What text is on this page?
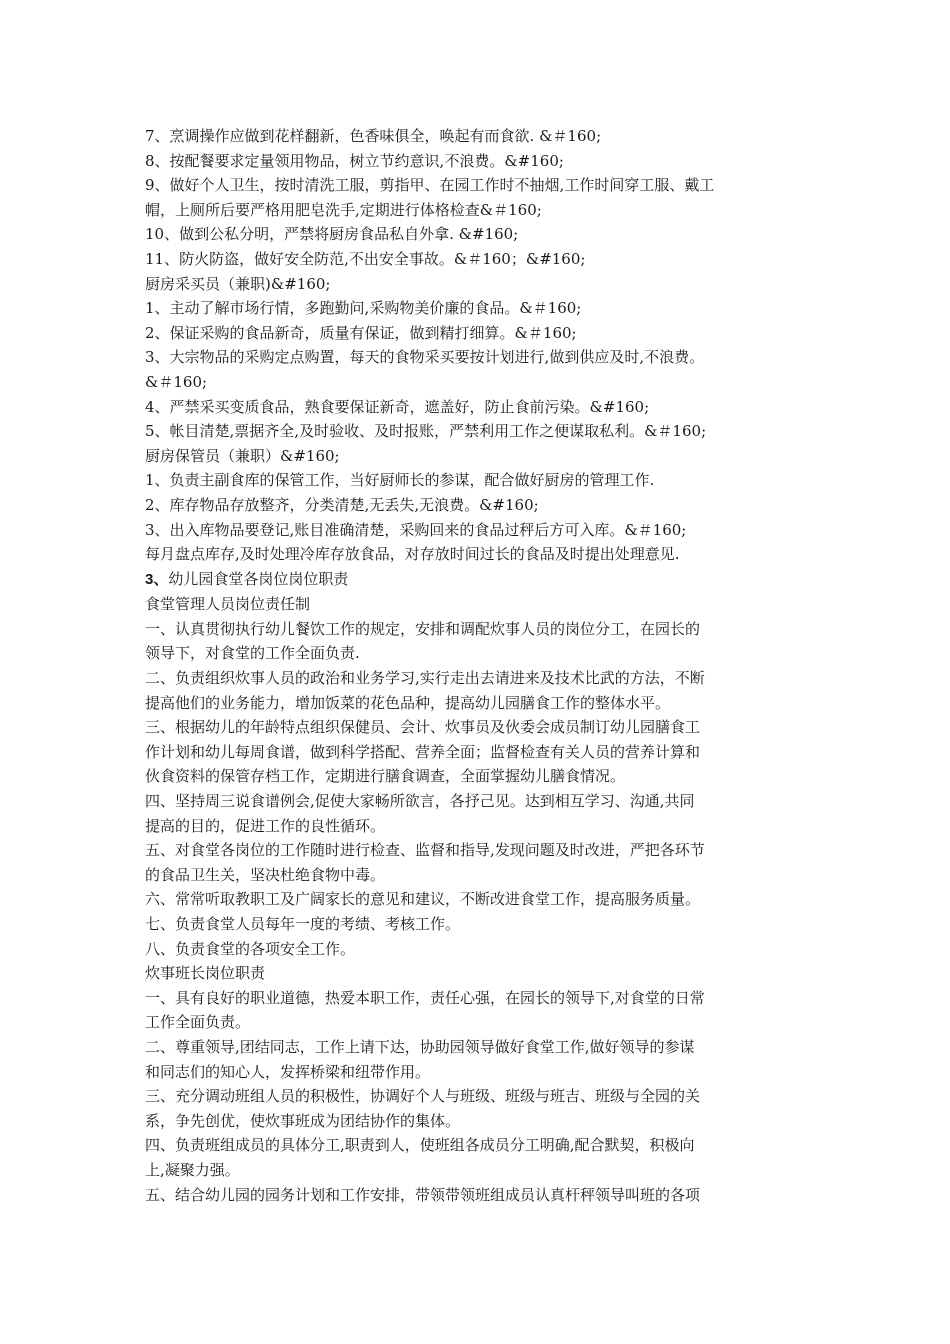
7、烹调操作应做到花样翻新，色香味俱全，唤起有而食欲. &＃160;
8、按配餐要求定量领用物品，树立节约意识,不浪费。&#160;
9、做好个人卫生，按时清洗工服，剪指甲、在园工作时不抽烟,工作时间穿工服、戴工
帽，上厕所后要严格用肥皂洗手,定期进行体格检查&＃160;
10、做到公私分明，严禁将厨房食品私自外拿. &#160;
11、防火防盗，做好安全防范,不出安全事故。&＃160；&#160;
厨房采买员（兼职)&#160;
1、主动了解市场行情，多跑勤问,采购物美价廉的食品。&＃160;
2、保证采购的食品新奇，质量有保证，做到精打细算。&＃160;
3、大宗物品的采购定点购置，每天的食物采买要按计划进行,做到供应及时,不浪费。
&＃160;
4、严禁采买变质食品，熟食要保证新奇，遮盖好，防止食前污染。&#160;
5、帐目清楚,票据齐全,及时验收、及时报账，严禁利用工作之便谋取私利。&＃160;
厨房保管员（兼职）&#160;
1、负责主副食库的保管工作，当好厨师长的参谋，配合做好厨房的管理工作.
2、库存物品存放整齐，分类清楚,无丢失,无浪费。&#160;
3、出入库物品要登记,账目准确清楚，采购回来的食品过秤后方可入库。&＃160;
每月盘点库存,及时处理冷库存放食品，对存放时间过长的食品及时提出处理意见.
3、幼儿园食堂各岗位岗位职责
食堂管理人员岗位责任制
一、认真贯彻执行幼儿餐饮工作的规定，安排和调配炊事人员的岗位分工，在园长的
领导下，对食堂的工作全面负责.
二、负责组织炊事人员的政治和业务学习,实行走出去请进来及技术比武的方法，不断
提高他们的业务能力，增加饭菜的花色品种，提高幼儿园膳食工作的整体水平。
三、根据幼儿的年龄特点组织保健员、会计、炊事员及伙委会成员制订幼儿园膳食工
作计划和幼儿每周食谱，做到科学搭配、营养全面；监督检查有关人员的营养计算和
伙食资料的保管存档工作，定期进行膳食调查，全面掌握幼儿膳食情况。
四、坚持周三说食谱例会,促使大家畅所欲言，各抒己见。达到相互学习、沟通,共同
提高的目的，促进工作的良性循环。
五、对食堂各岗位的工作随时进行检查、监督和指导,发现问题及时改进，严把各环节
的食品卫生关，坚决杜绝食物中毒。
六、常常听取教职工及广阔家长的意见和建议，不断改进食堂工作，提高服务质量。
七、负责食堂人员每年一度的考绩、考核工作。
八、负责食堂的各项安全工作。
炊事班长岗位职责
一、具有良好的职业道德，热爱本职工作，责任心强，在园长的领导下,对食堂的日常
工作全面负责。
二、尊重领导,团结同志，工作上请下达，协助园领导做好食堂工作,做好领导的参谋
和同志们的知心人，发挥桥梁和纽带作用。
三、充分调动班组人员的积极性，协调好个人与班级、班级与班吉、班级与全园的关
系，争先创优，使炊事班成为团结协作的集体。
四、负责班组成员的具体分工,职责到人，使班组各成员分工明确,配合默契，积极向
上,凝聚力强。
五、结合幼儿园的园务计划和工作安排，带领带领班组成员认真杆秤领导叫班的各项
